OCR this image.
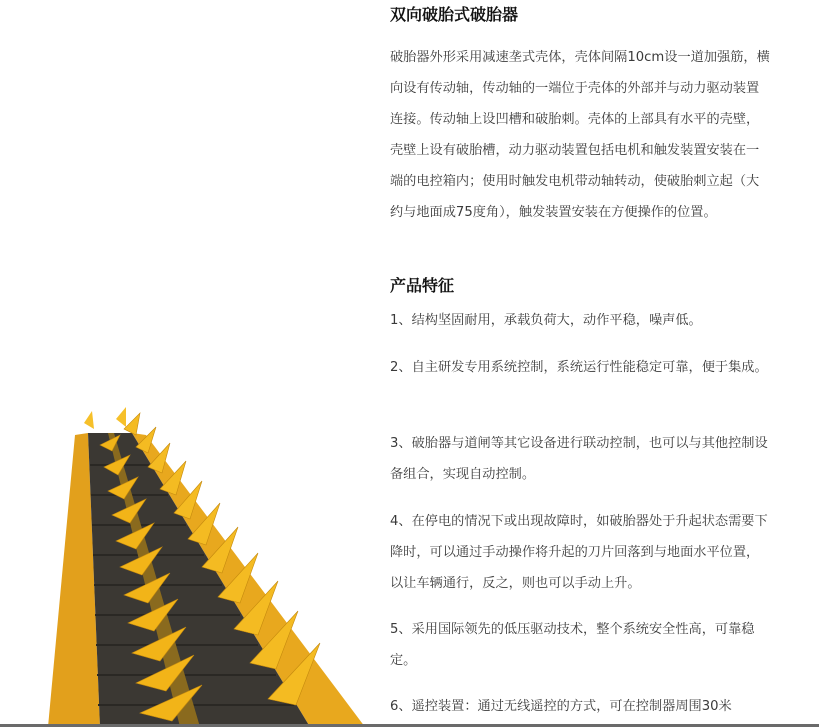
双向破胎式破胎器
破胎器外形采用减速垄式壳体，壳体间隔10cm设一道加强筋，横向设有传动轴，传动轴的一端位于壳体的外部并与动力驱动装置连接。传动轴上设凹槽和破胎刺。壳体的上部具有水平的壳壁，壳壁上设有破胎槽，动力驱动装置包括电机和触发装置安装在一端的电控箱内；使用时触发电机带动轴转动，使破胎刺立起（大约与地面成75度角），触发装置安装在方便操作的位置。
产品特征
1、结构坚固耐用，承载负荷大，动作平稳，噪声低。
2、自主研发专用系统控制，系统运行性能稳定可靠，便于集成。
3、破胎器与道闸等其它设备进行联动控制，也可以与其他控制设备组合，实现自动控制。
4、在停电的情况下或出现故障时，如破胎器处于升起状态需要下降时，可以通过手动操作将升起的刀片回落到与地面水平位置，以让车辆通行，反之，则也可以手动上升。
5、采用国际领先的低压驱动技术，整个系统安全性高，可靠稳定。
6、遥控装置：通过无线遥控的方式，可在控制器周围30米
